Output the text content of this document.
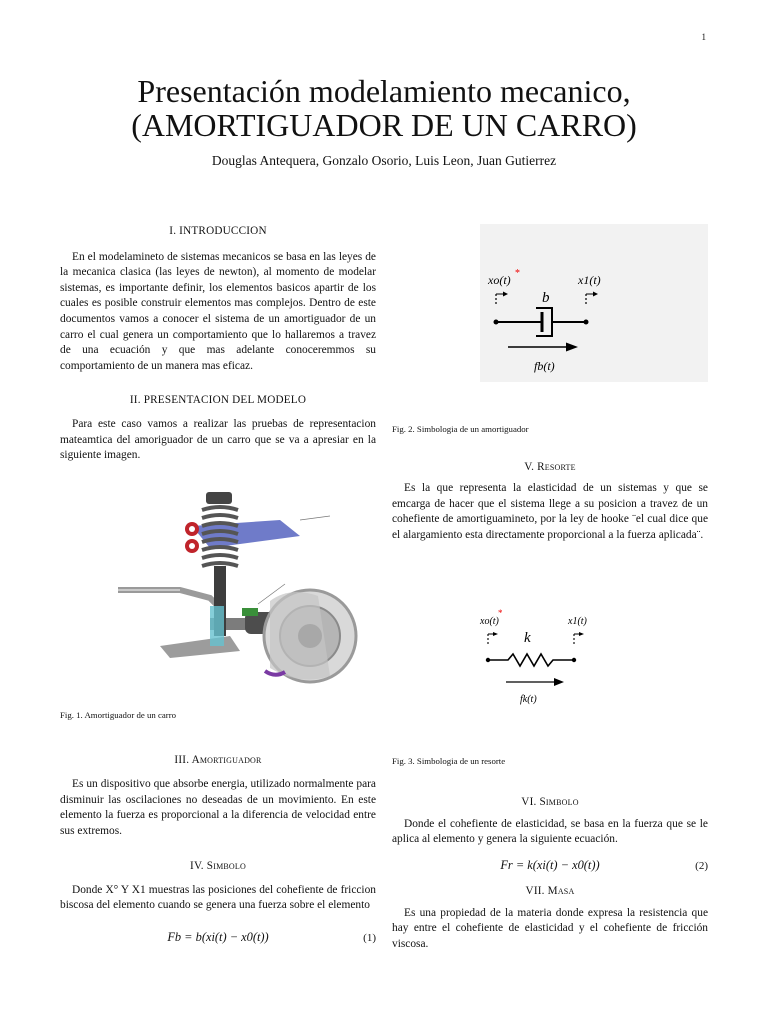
1
Presentación modelamiento mecanico,
(AMORTIGUADOR DE UN CARRO)
Douglas Antequera, Gonzalo Osorio, Luis Leon, Juan Gutierrez
I. INTRODUCCION

En el modelamineto de sistemas mecanicos se basa en las leyes de la mecanica clasica (las leyes de newton), al momento de modelar sistemas, es importante definir, los elementos basicos apartir de los cuales es posible construir elementos mas complejos. Dentro de este documentos vamos a conocer el sistema de un amortiguador de un carro el cual genera un comportamiento que lo hallaremos a travez de una ecuación y que mas adelante conoceremmos su comportamiento de un manera mas eficaz.

II. PRESENTACION DEL MODELO

Para este caso vamos a realizar las pruebas de representacion mateamtica del amoriguador de un carro que se va a apresiar en la siguiente imagen.

Fig. 1. Amortiguador de un carro
III. Amortiguador

Es un dispositivo que absorbe energia, utilizado normalmente para disminuir las oscilaciones no deseadas de un movimiento. En este elemento la fuerza es proporcional a la diferencia de velocidad entre sus extremos.

IV. Simbolo

Donde X° Y X1 muestras las posiciones del cohefiente de friccion biscosa del elemento cuando se genera una fuerza sobre el elemento

Fb = b(xi(t) − x0(t))	(1)
xo(t) *	x1(t)
b
fb(t)
Fig. 2. Simbologia de un amortiguador
V. Resorte

Es la que representa la elasticidad de un sistemas y que se emcarga de hacer que el sistema llege a su posicion a travez de un cohefiente de amortiguamineto, por la ley de hooke ¨el cual dice que el alargamiento esta directamente proporcional a la fuerza aplicada¨.

xo(t)
*
x1(t)
k
fk(t)
Fig. 3. Simbologia de un resorte
VI. Simbolo

Donde el cohefiente de elasticidad, se basa en la fuerza que se le aplica al elemento y genera la siguiente ecuación.

Fr = k(xi(t) − x0(t))	(2)
VII. Masa

Es una propiedad de la materia donde expresa la resistencia que hay entre el cohefiente de elasticidad y el cohefiente de fricción viscosa.
